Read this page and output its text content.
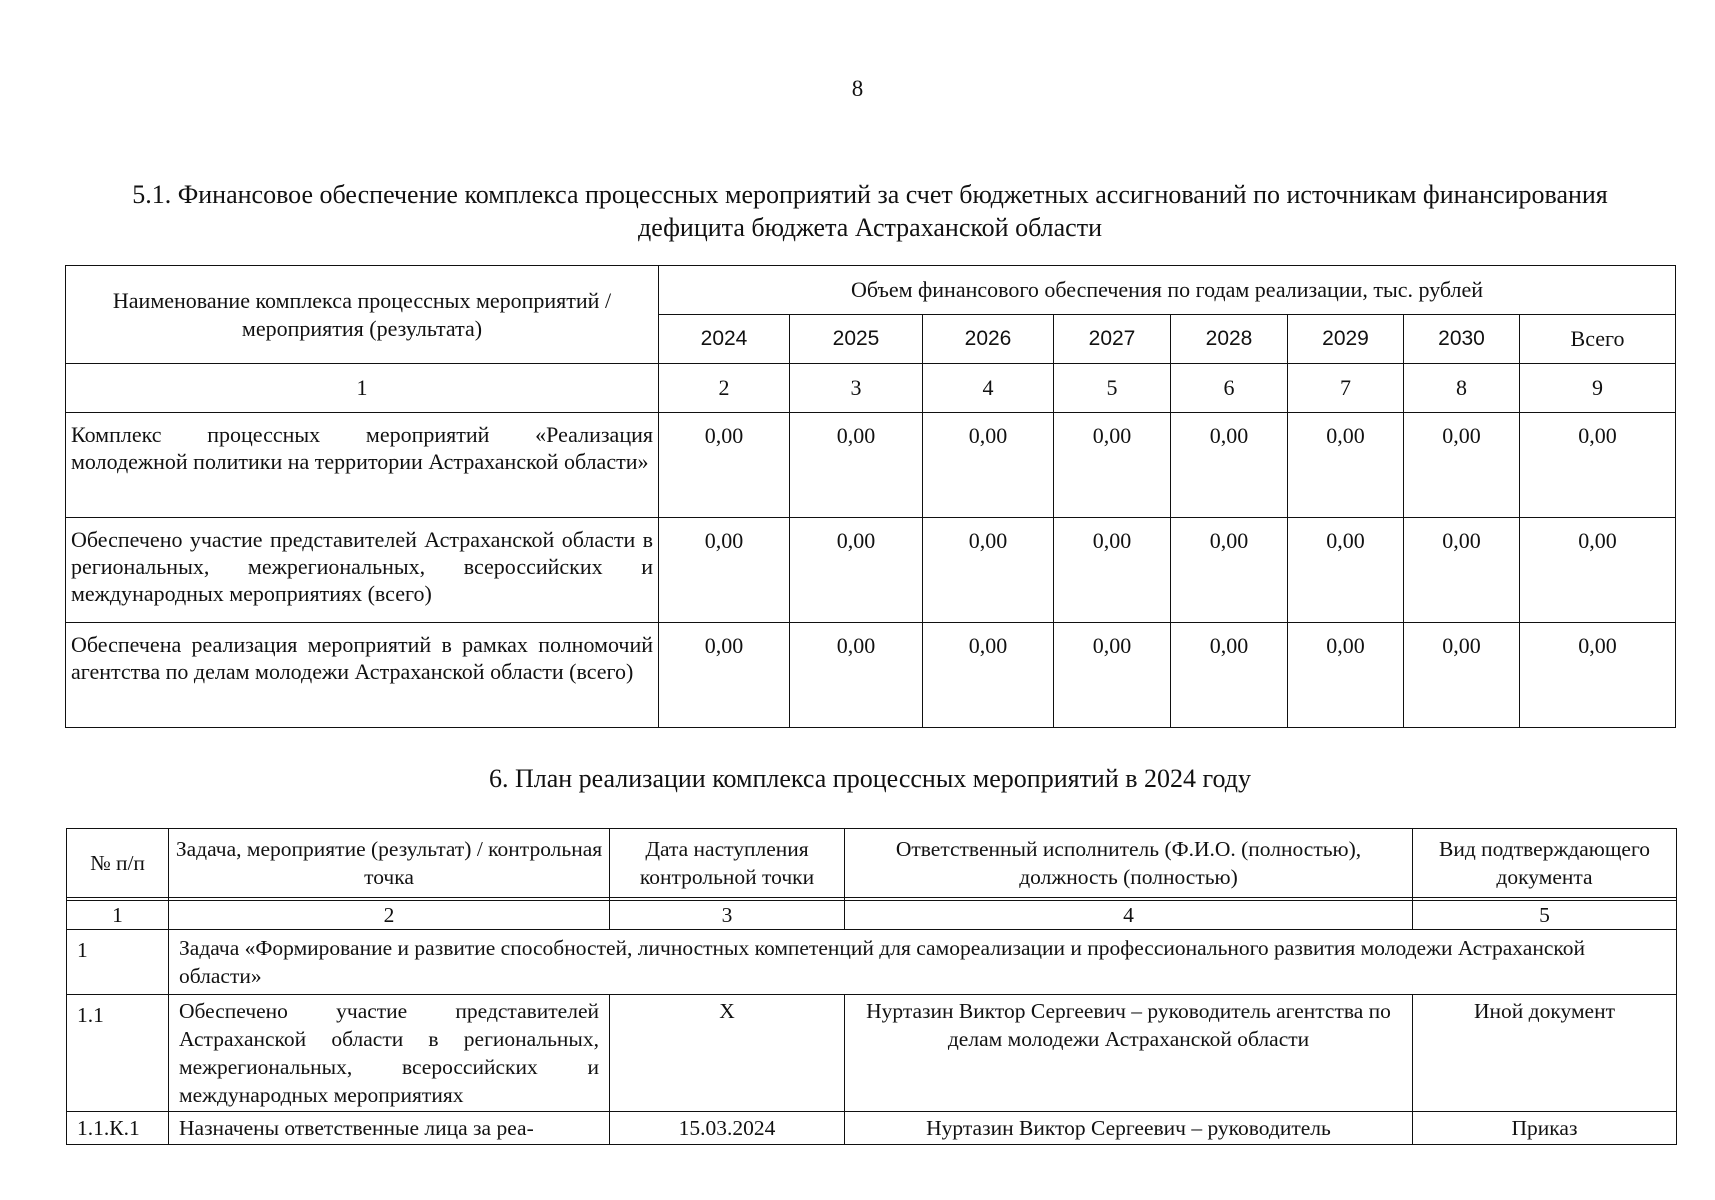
8
5.1. Финансовое обеспечение комплекса процессных мероприятий за счет бюджетных ассигнований по источникам финансирования дефицита бюджета Астраханской области
Наименование комплекса процессных мероприятий / мероприятия (результата)	Объем финансового обеспечения по годам реализации, тыс. рублей							
	2024	2025	2026	2027	2028	2029	2030	Всего
1	2	3	4	5	6	7	8	9
Комплекс процессных мероприятий «Реализация молодежной политики на территории Астраханской области»	0,00	0,00	0,00	0,00	0,00	0,00	0,00	0,00
Обеспечено участие представителей Астраханской области в региональных, межрегиональных, всероссийских и международных мероприятиях (всего)	0,00	0,00	0,00	0,00	0,00	0,00	0,00	0,00
Обеспечена реализация мероприятий в рамках полномочий агентства по делам молодежи Астраханской области (всего)	0,00	0,00	0,00	0,00	0,00	0,00	0,00	0,00
6. План реализации комплекса процессных мероприятий в 2024 году
№ п/п	Задача, мероприятие (результат) / контрольная точка	Дата наступления контрольной точки	Ответственный исполнитель (Ф.И.О. (полностью), должность (полностью)	Вид подтверждающего документа

1	2	3	4	5
1	Задача «Формирование и развитие способностей, личностных компетенций для самореализации и профессионального развития молодежи Астраханской области»			
1.1	Обеспечено участие представителей Астраханской области в региональных, межрегиональных, всероссийских и международных мероприятиях	X	Нуртазин Виктор Сергеевич – руководитель агентства по делам молодежи Астраханской области	Иной документ
1.1.К.1	Назначены ответственные лица за реа-	15.03.2024	Нуртазин Виктор Сергеевич – руководитель	Приказ
